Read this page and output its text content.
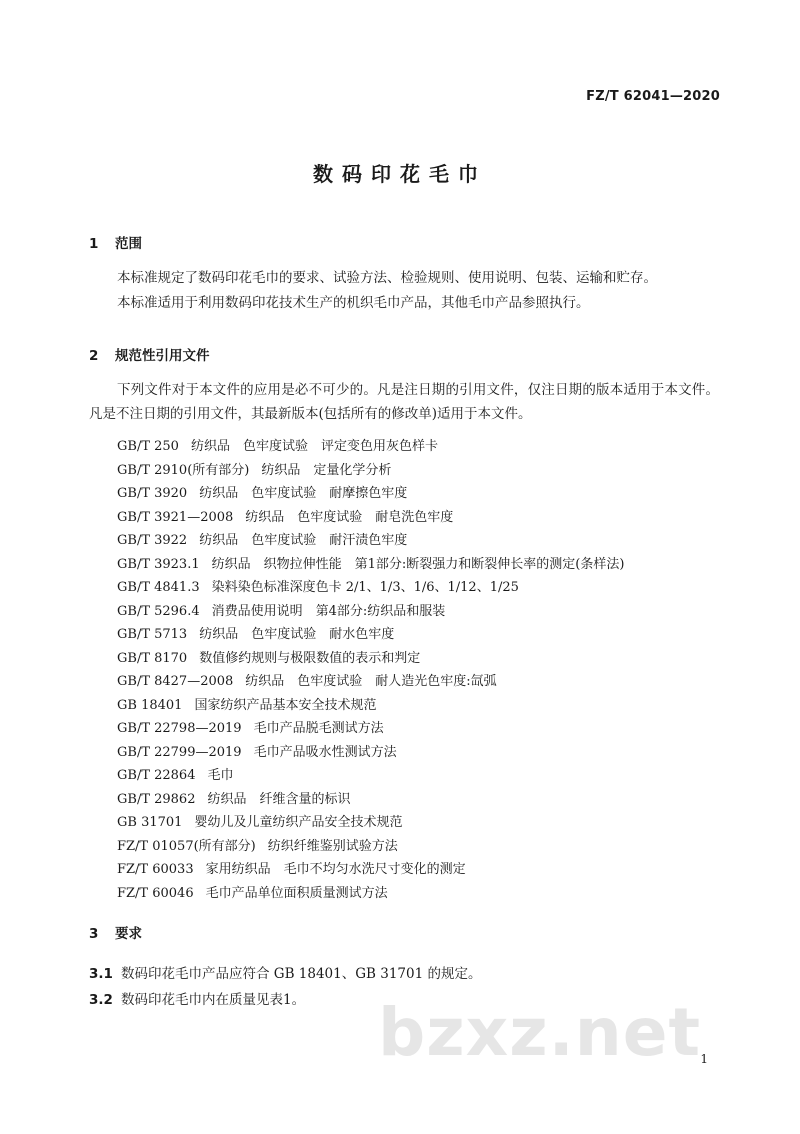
FZ/T 62041—2020
数码印花毛巾
1 范围
本标准规定了数码印花毛巾的要求、试验方法、检验规则、使用说明、包装、运输和贮存。
本标准适用于利用数码印花技术生产的机织毛巾产品，其他毛巾产品参照执行。
2 规范性引用文件
下列文件对于本文件的应用是必不可少的。凡是注日期的引用文件，仅注日期的版本适用于本文件。凡是不注日期的引用文件，其最新版本(包括所有的修改单)适用于本文件。
GB/T 250 纺织品　色牢度试验　评定变色用灰色样卡
GB/T 2910(所有部分) 纺织品　定量化学分析
GB/T 3920 纺织品　色牢度试验　耐摩擦色牢度
GB/T 3921—2008 纺织品　色牢度试验　耐皂洗色牢度
GB/T 3922 纺织品　色牢度试验　耐汗渍色牢度
GB/T 3923.1 纺织品　织物拉伸性能　第1部分:断裂强力和断裂伸长率的测定(条样法)
GB/T 4841.3 染料染色标准深度色卡 2/1、1/3、1/6、1/12、1/25
GB/T 5296.4 消费品使用说明　第4部分:纺织品和服装
GB/T 5713 纺织品　色牢度试验　耐水色牢度
GB/T 8170 数值修约规则与极限数值的表示和判定
GB/T 8427—2008 纺织品　色牢度试验　耐人造光色牢度:氙弧
GB 18401 国家纺织产品基本安全技术规范
GB/T 22798—2019 毛巾产品脱毛测试方法
GB/T 22799—2019 毛巾产品吸水性测试方法
GB/T 22864 毛巾
GB/T 29862 纺织品　纤维含量的标识
GB 31701 婴幼儿及儿童纺织产品安全技术规范
FZ/T 01057(所有部分) 纺织纤维鉴别试验方法
FZ/T 60033 家用纺织品　毛巾不均匀水洗尺寸变化的测定
FZ/T 60046 毛巾产品单位面积质量测试方法
3 要求
3.1 数码印花毛巾产品应符合 GB 18401、GB 31701 的规定。
3.2 数码印花毛巾内在质量见表1。 bzxz.net 1
